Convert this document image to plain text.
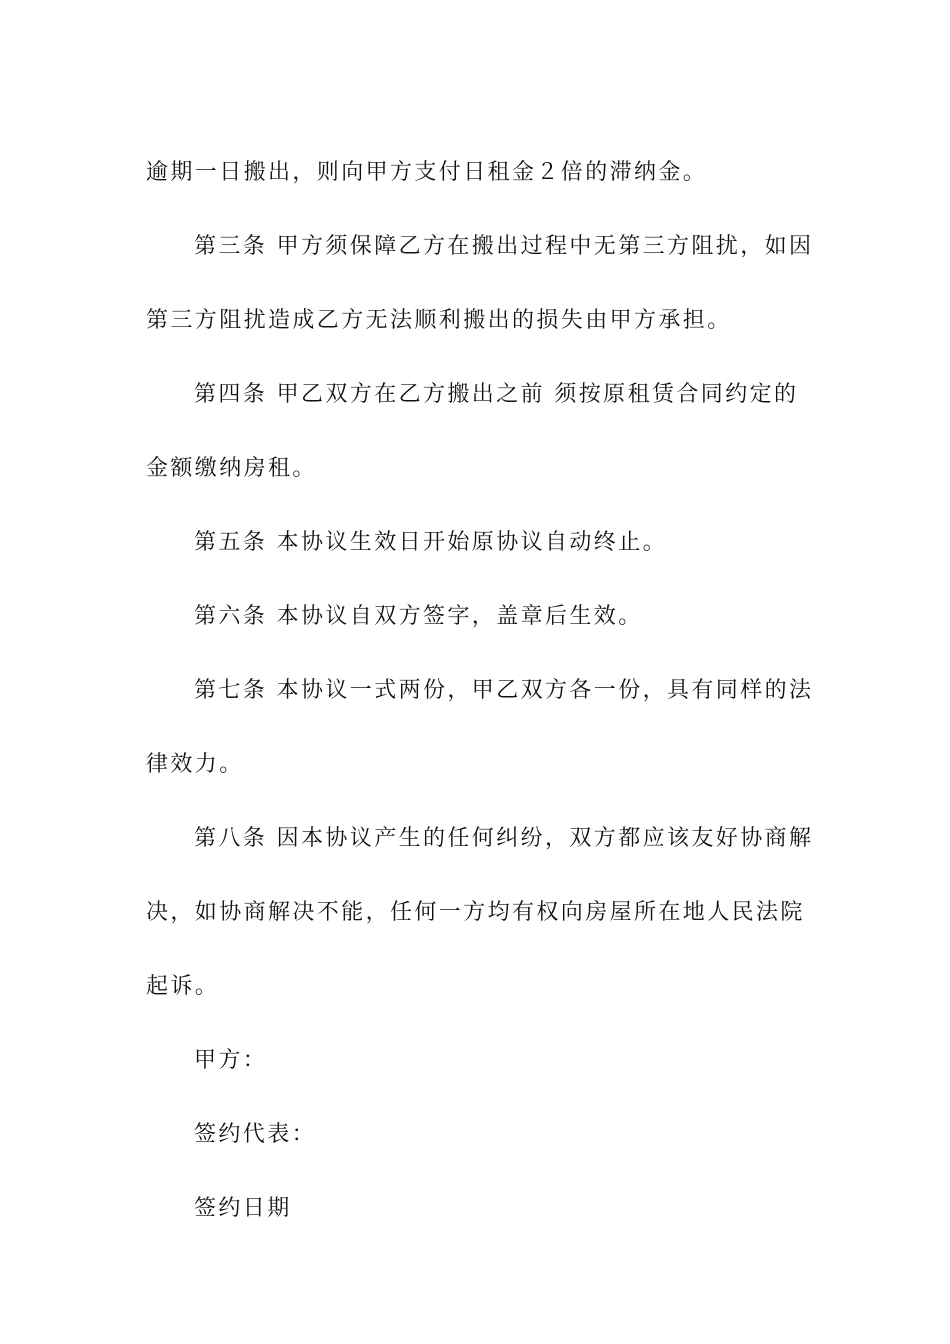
逾期一日搬出，则向甲方支付日租金２倍的滞纳金。
第三条 甲方须保障乙方在搬出过程中无第三方阻扰，如因
第三方阻扰造成乙方无法顺利搬出的损失由甲方承担。
第四条 甲乙双方在乙方搬出之前 须按原租赁合同约定的
金额缴纳房租。
第五条 本协议生效日开始原协议自动终止。
第六条 本协议自双方签字，盖章后生效。
第七条 本协议一式两份，甲乙双方各一份，具有同样的法
律效力。
第八条 因本协议产生的任何纠纷，双方都应该友好协商解
决，如协商解决不能，任何一方均有权向房屋所在地人民法院
起诉。
甲方：
签约代表：
签约日期
